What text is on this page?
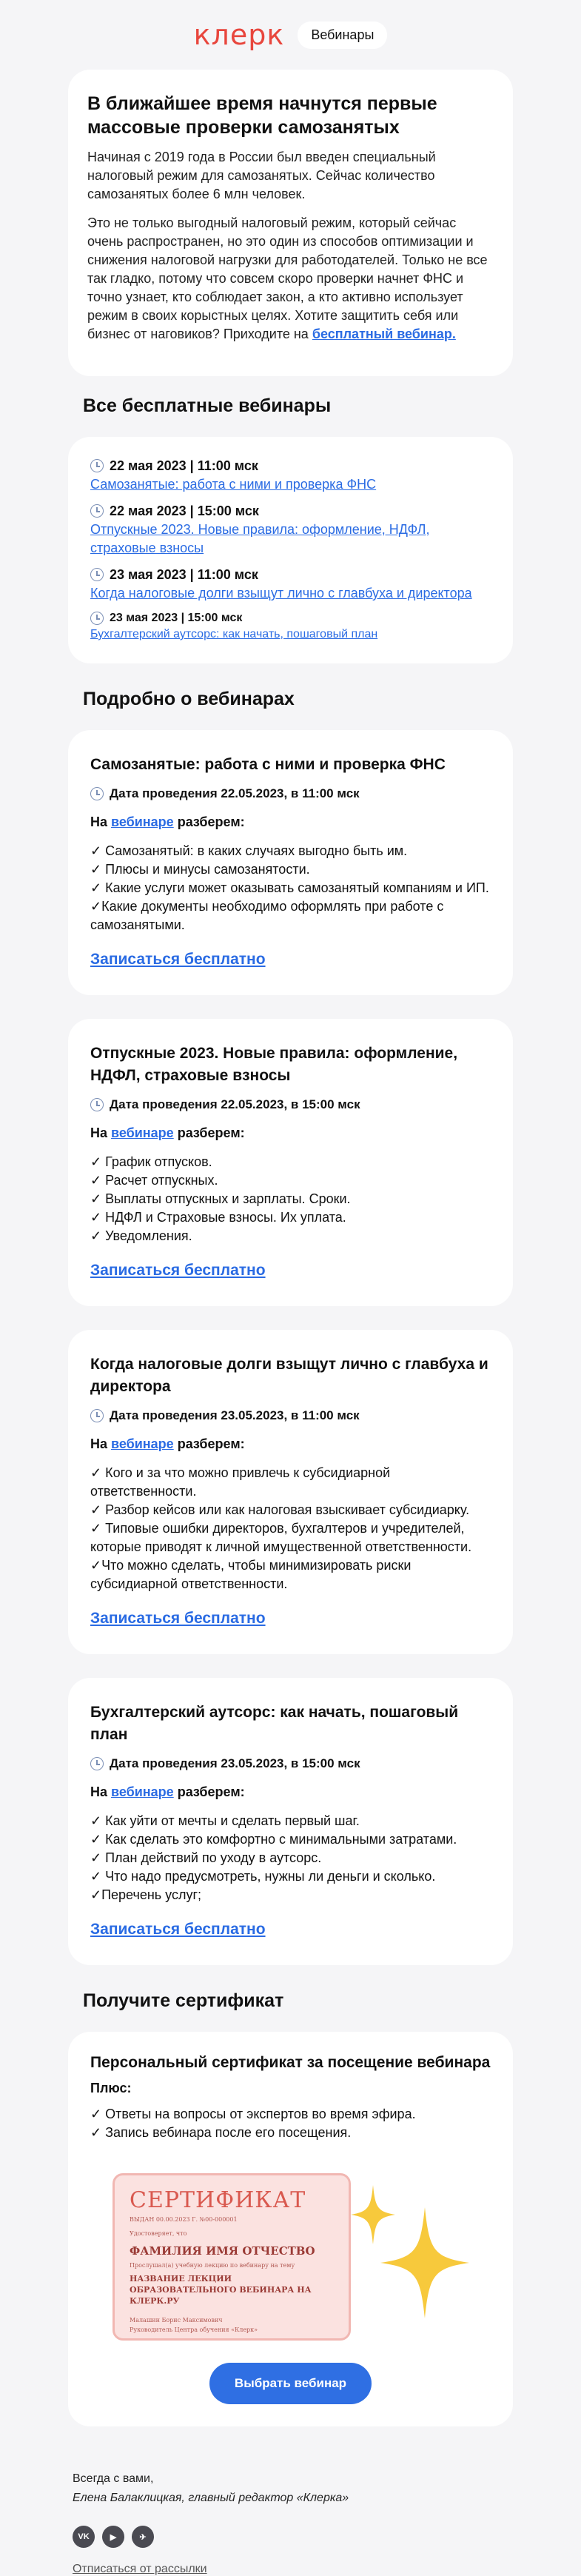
клерк	Вебинары
В ближайшее время начнутся первые массовые проверки самозанятых

Начиная с 2019 года в России был введен специальный налоговый режим для самозанятых. Сейчас количество самозанятых более 6 млн человек.

Это не только выгодный налоговый режим, который сейчас очень распространен, но это один из способов оптимизации и снижения налоговой нагрузки для работодателей. Только не все так гладко, потому что совсем скоро проверки начнет ФНС и точно узнает, кто соблюдает закон, а кто активно использует режим в своих корыстных целях. Хотите защитить себя или бизнес от наговиков? Приходите на бесплатный вебинар.

Все бесплатные вебинары
22 мая 2023 | 11:00 мск
Самозанятые: работа с ними и проверка ФНС
22 мая 2023 | 15:00 мск
Отпускные 2023. Новые правила: оформление, НДФЛ, страховые взносы
23 мая 2023 | 11:00 мск
Когда налоговые долги взыщут лично с главбуха и директора
23 мая 2023 | 15:00 мск
Бухгалтерский аутсорс: как начать, пошаговый план
Подробно о вебинарах
Самозанятые: работа с ними и проверка ФНС
Дата проведения 22.05.2023, в 11:00 мск
На вебинаре разберем:
✓ Самозанятый: в каких случаях выгодно быть им.
✓ Плюсы и минусы самозанятости.
✓ Какие услуги может оказывать самозанятый компаниям и ИП.
✓Какие документы необходимо оформлять при работе с самозанятыми.
Записаться бесплатно
Отпускные 2023. Новые правила: оформление, НДФЛ, страховые взносы
Дата проведения 22.05.2023, в 15:00 мск
На вебинаре разберем:
✓ График отпусков.
✓ Расчет отпускных.
✓ Выплаты отпускных и зарплаты. Сроки.
✓ НДФЛ и Страховые взносы. Их уплата.
✓ Уведомления.
Записаться бесплатно
Когда налоговые долги взыщут лично с главбуха и директора
Дата проведения 23.05.2023, в 11:00 мск
На вебинаре разберем:
✓ Кого и за что можно привлечь к субсидиарной ответственности.
✓ Разбор кейсов или как налоговая взыскивает субсидиарку.
✓ Типовые ошибки директоров, бухгалтеров и учредителей, которые приводят к личной имущественной ответственности.
✓Что можно сделать, чтобы минимизировать риски субсидиарной ответственности.
Записаться бесплатно
Бухгалтерский аутсорс: как начать, пошаговый план
Дата проведения 23.05.2023, в 15:00 мск
На вебинаре разберем:
✓ Как уйти от мечты и сделать первый шаг.
✓ Как сделать это комфортно с минимальными затратами.
✓ План действий по уходу в аутсорс.
✓ Что надо предусмотреть, нужны ли деньги и сколько.
✓Перечень услуг;
Записаться бесплатно
Получите сертификат
Персональный сертификат за посещение вебинара
Плюс:
✓ Ответы на вопросы от экспертов во время эфира.
✓ Запись вебинара после его посещения.
СЕРТИФИКАТ
ВЫДАН 00.00.2023 Г. №00-000001
Удостоверяет, что
ФАМИЛИЯ ИМЯ ОТЧЕСТВО
Прослушал(а) учебную лекцию по вебинару на тему
НАЗВАНИЕ ЛЕКЦИИ ОБРАЗОВАТЕЛЬНОГО ВЕБИНАРА НА КЛЕРК.РУ
Малашин Борис Максимович
Руководитель Центра обучения «Клерк»
Выбрать вебинар
Всегда с вами,
Елена Балаклицкая, главный редактор «Клерка»
VK	▶	✈
Отписаться от рассылки
